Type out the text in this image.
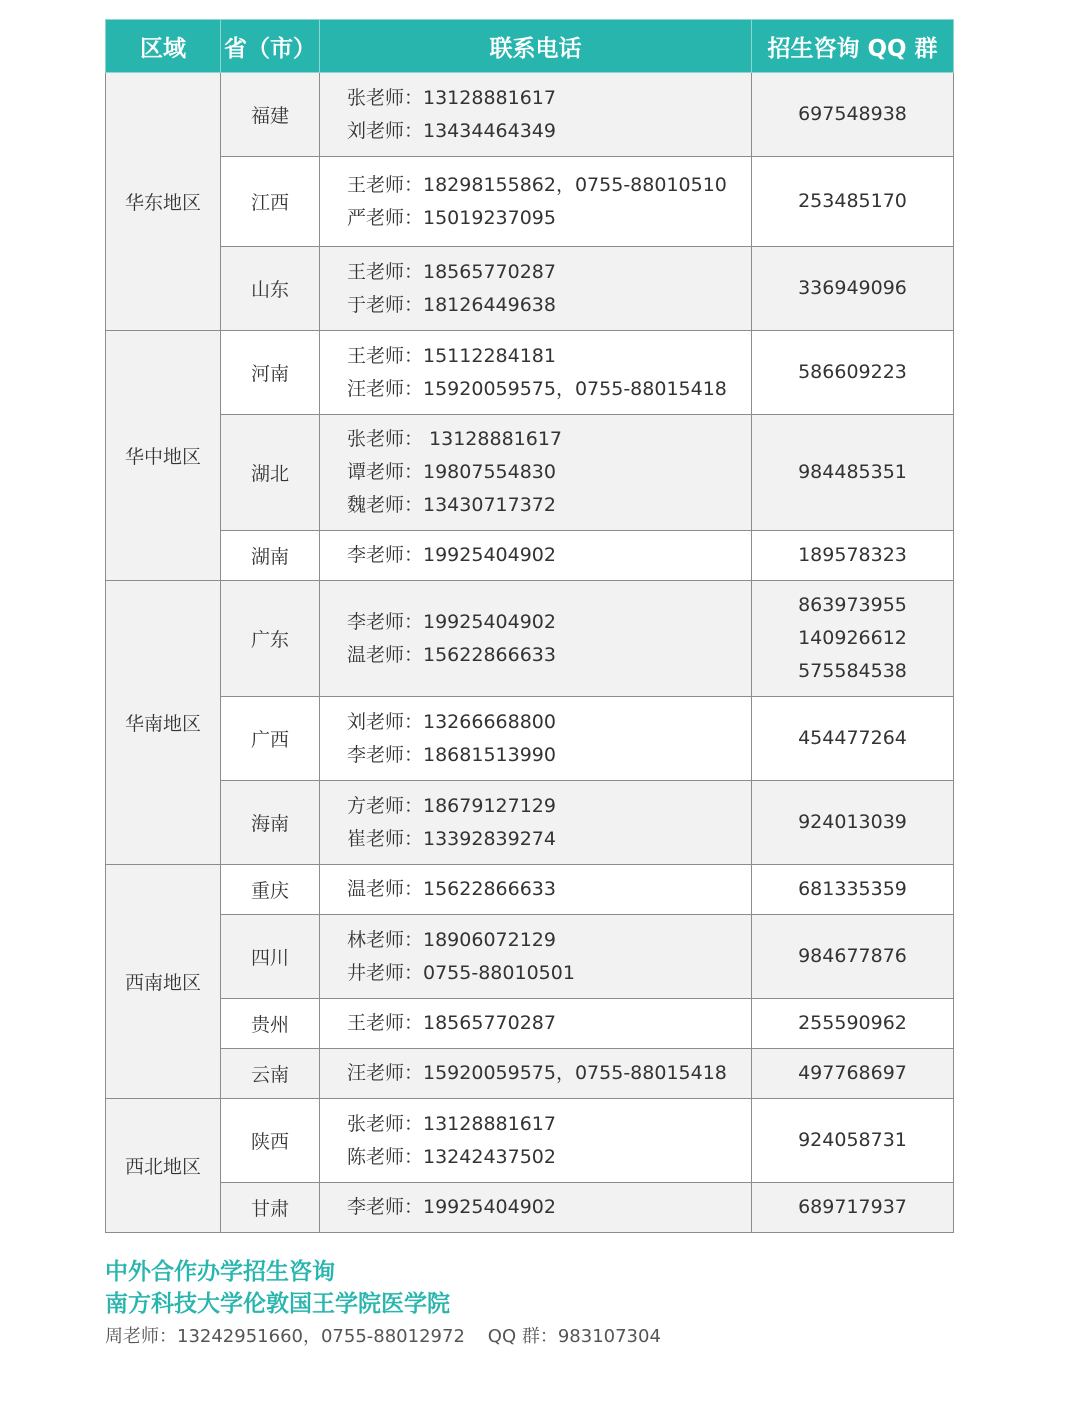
区域	省（市）	联系电话	招生咨询 QQ 群
华东地区	福建	张老师：13128881617
刘老师：13434464349	697548938

	江西	王老师：18298155862，0755-88010510
严老师：15019237095	253485170

	山东	王老师：18565770287
于老师：18126449638	336949096

华中地区	河南	王老师：15112284181
汪老师：15920059575，0755-88015418	586609223

	湖北	张老师： 13128881617
谭老师：19807554830
魏老师：13430717372	984485351

	湖南	李老师：19925404902	189578323

华南地区	广东	李老师：19925404902
温老师：15622866633	863973955
140926612
575584538

	广西	刘老师：13266668800
李老师：18681513990	454477264

	海南	方老师：18679127129
崔老师：13392839274	924013039

西南地区	重庆	温老师：15622866633	681335359

	四川	林老师：18906072129
井老师：0755-88010501	984677876

	贵州	王老师：18565770287	255590962

	云南	汪老师：15920059575，0755-88015418	497768697

西北地区	陕西	张老师：13128881617
陈老师：13242437502	924058731

	甘肃	李老师：19925404902	689717937

中外合作办学招生咨询

南方科技大学伦敦国王学院医学院

周老师：13242951660，0755-88012972    QQ 群：983107304
